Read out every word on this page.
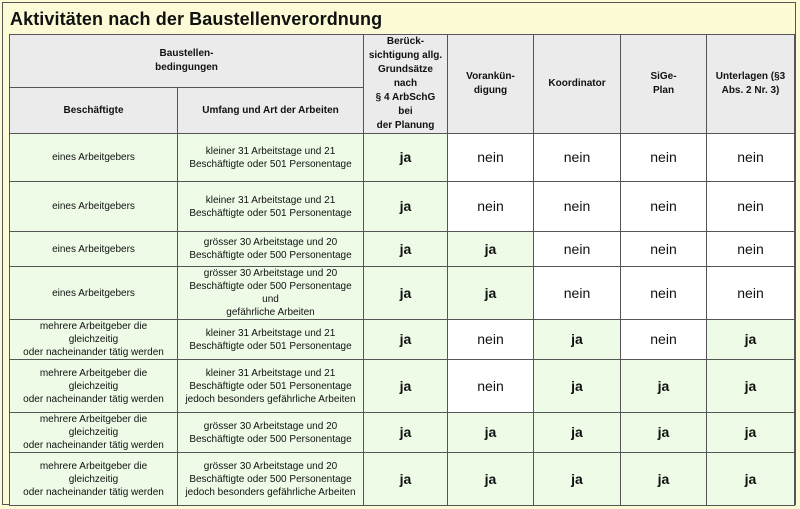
Aktivitäten nach der Baustellenverordnung
Baustellen-
bedingungen		Berück-
sichtigung allg.
Grundsätze nach
§ 4 ArbSchG bei
der Planung	Vorankün-
digung	Koordinator	SiGe-
Plan	Unterlagen (§3
Abs. 2 Nr. 3)
Beschäftigte	Umfang und Art der Arbeiten					
eines Arbeitgebers	kleiner 31 Arbeitstage und 21
Beschäftigte oder 501 Personentage	ja	nein	nein	nein	nein
eines Arbeitgebers	kleiner 31 Arbeitstage und 21
Beschäftigte oder 501 Personentage	ja	nein	nein	nein	nein
eines Arbeitgebers	grösser 30 Arbeitstage und 20
Beschäftigte oder 500 Personentage	ja	ja	nein	nein	nein
eines Arbeitgebers	grösser 30 Arbeitstage und 20
Beschäftigte oder 500 Personentage und
gefährliche Arbeiten	ja	ja	nein	nein	nein
mehrere Arbeitgeber die gleichzeitig
oder nacheinander tätig werden	kleiner 31 Arbeitstage und 21
Beschäftigte oder 501 Personentage	ja	nein	ja	nein	ja
mehrere Arbeitgeber die gleichzeitig
oder nacheinander tätig werden	kleiner 31 Arbeitstage und 21
Beschäftigte oder 501 Personentage
jedoch besonders gefährliche Arbeiten	ja	nein	ja	ja	ja
mehrere Arbeitgeber die gleichzeitig
oder nacheinander tätig werden	grösser 30 Arbeitstage und 20
Beschäftigte oder 500 Personentage	ja	ja	ja	ja	ja
mehrere Arbeitgeber die gleichzeitig
oder nacheinander tätig werden	grösser 30 Arbeitstage und 20
Beschäftigte oder 500 Personentage
jedoch besonders gefährliche Arbeiten	ja	ja	ja	ja	ja
